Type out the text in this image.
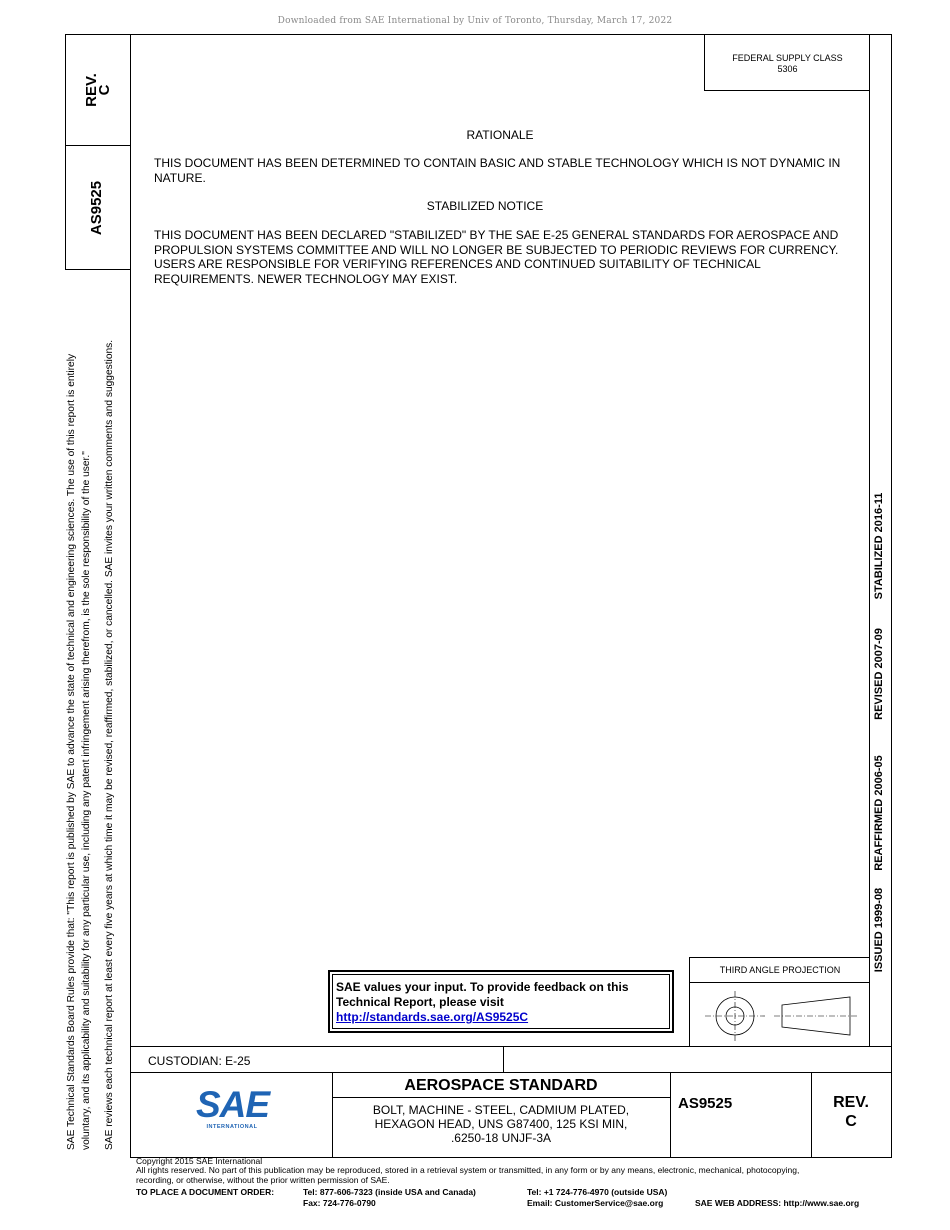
Downloaded from SAE International by Univ of Toronto, Thursday, March 17, 2022
REV.
C
AS9525
SAE Technical Standards Board Rules provide that: "This report is published by SAE to advance the state of technical and engineering sciences. The use of this report is entirely voluntary, and its applicability and suitability for any particular use, including any patent infringement arising therefrom, is the sole responsibility of the user." SAE reviews each technical report at least every five years at which time it may be revised, reaffirmed, stabilized, or cancelled. SAE invites your written comments and suggestions.
FEDERAL SUPPLY CLASS
5306
RATIONALE
THIS DOCUMENT HAS BEEN DETERMINED TO CONTAIN BASIC AND STABLE TECHNOLOGY WHICH IS NOT DYNAMIC IN NATURE.
STABILIZED NOTICE
THIS DOCUMENT HAS BEEN DECLARED "STABILIZED" BY THE SAE E-25 GENERAL STANDARDS FOR AEROSPACE AND PROPULSION SYSTEMS COMMITTEE AND WILL NO LONGER BE SUBJECTED TO PERIODIC REVIEWS FOR CURRENCY. USERS ARE RESPONSIBLE FOR VERIFYING REFERENCES AND CONTINUED SUITABILITY OF TECHNICAL REQUIREMENTS. NEWER TECHNOLOGY MAY EXIST.
ISSUED 1999-08
REAFFIRMED 2006-05
REVISED 2007-09
STABILIZED 2016-11
SAE values your input. To provide feedback on this
Technical Report, please visit
http://standards.sae.org/AS9525C
THIRD ANGLE PROJECTION
CUSTODIAN: E-25
SAE
INTERNATIONAL
AEROSPACE STANDARD
BOLT, MACHINE - STEEL, CADMIUM PLATED,
HEXAGON HEAD, UNS G87400, 125 KSI MIN,
.6250-18 UNJF-3A
AS9525	REV.
C
Copyright 2015 SAE International
All rights reserved. No part of this publication may be reproduced, stored in a retrieval system or transmitted, in any form or by any means, electronic, mechanical, photocopying,
recording, or otherwise, without the prior written permission of SAE.
TO PLACE A DOCUMENT ORDER:	Tel: 877-606-7323 (inside USA and Canada)
Fax: 724-776-0790
Tel: +1 724-776-4970 (outside USA)
Email: CustomerService@sae.org	SAE WEB ADDRESS: http://www.sae.org
